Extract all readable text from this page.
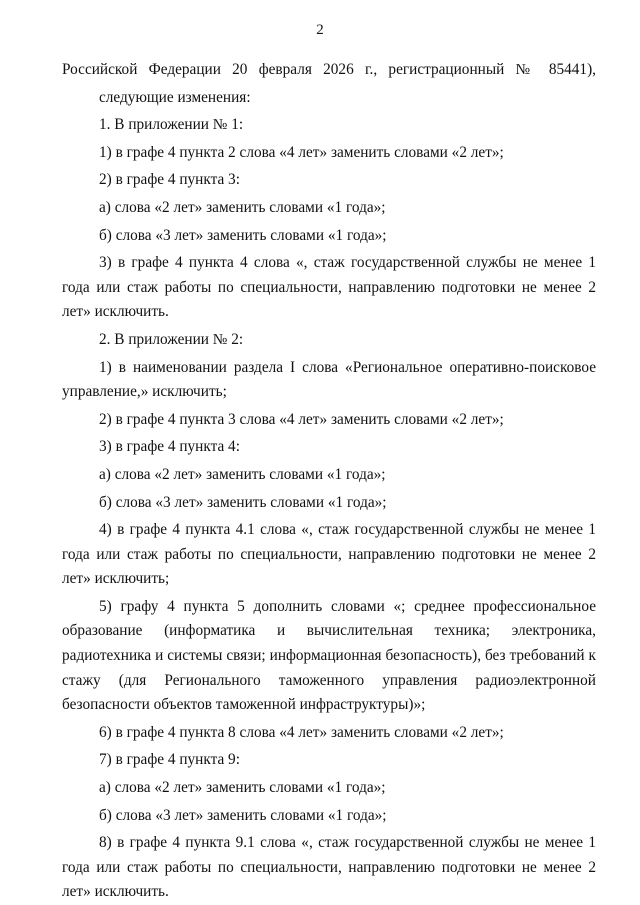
2

Российской Федерации 20 февраля 2026 г., регистрационный № 85441),

следующие изменения:

1. В приложении № 1:

1) в графе 4 пункта 2 слова «4 лет» заменить словами «2 лет»;

2) в графе 4 пункта 3:

а) слова «2 лет» заменить словами «1 года»;

б) слова «3 лет» заменить словами «1 года»;

3) в графе 4 пункта 4 слова «, стаж государственной службы не менее 1 года или стаж работы по специальности, направлению подготовки не менее 2 лет» исключить.

2. В приложении № 2:

1) в наименовании раздела I слова «Региональное оперативно-поисковое управление,» исключить;

2) в графе 4 пункта 3 слова «4 лет» заменить словами «2 лет»;

3) в графе 4 пункта 4:

а) слова «2 лет» заменить словами «1 года»;

б) слова «3 лет» заменить словами «1 года»;

4) в графе 4 пункта 4.1 слова «, стаж государственной службы не менее 1 года или стаж работы по специальности, направлению подготовки не менее 2 лет» исключить;

5) графу 4 пункта 5 дополнить словами «; среднее профессиональное образование (информатика и вычислительная техника; электроника, радиотехника и системы связи; информационная безопасность), без требований к стажу (для Регионального таможенного управления радиоэлектронной безопасности объектов таможенной инфраструктуры)»;

6) в графе 4 пункта 8 слова «4 лет» заменить словами «2 лет»;

7) в графе 4 пункта 9:

а) слова «2 лет» заменить словами «1 года»;

б) слова «3 лет» заменить словами «1 года»;

8) в графе 4 пункта 9.1 слова «, стаж государственной службы не менее 1 года или стаж работы по специальности, направлению подготовки не менее 2 лет» исключить.
